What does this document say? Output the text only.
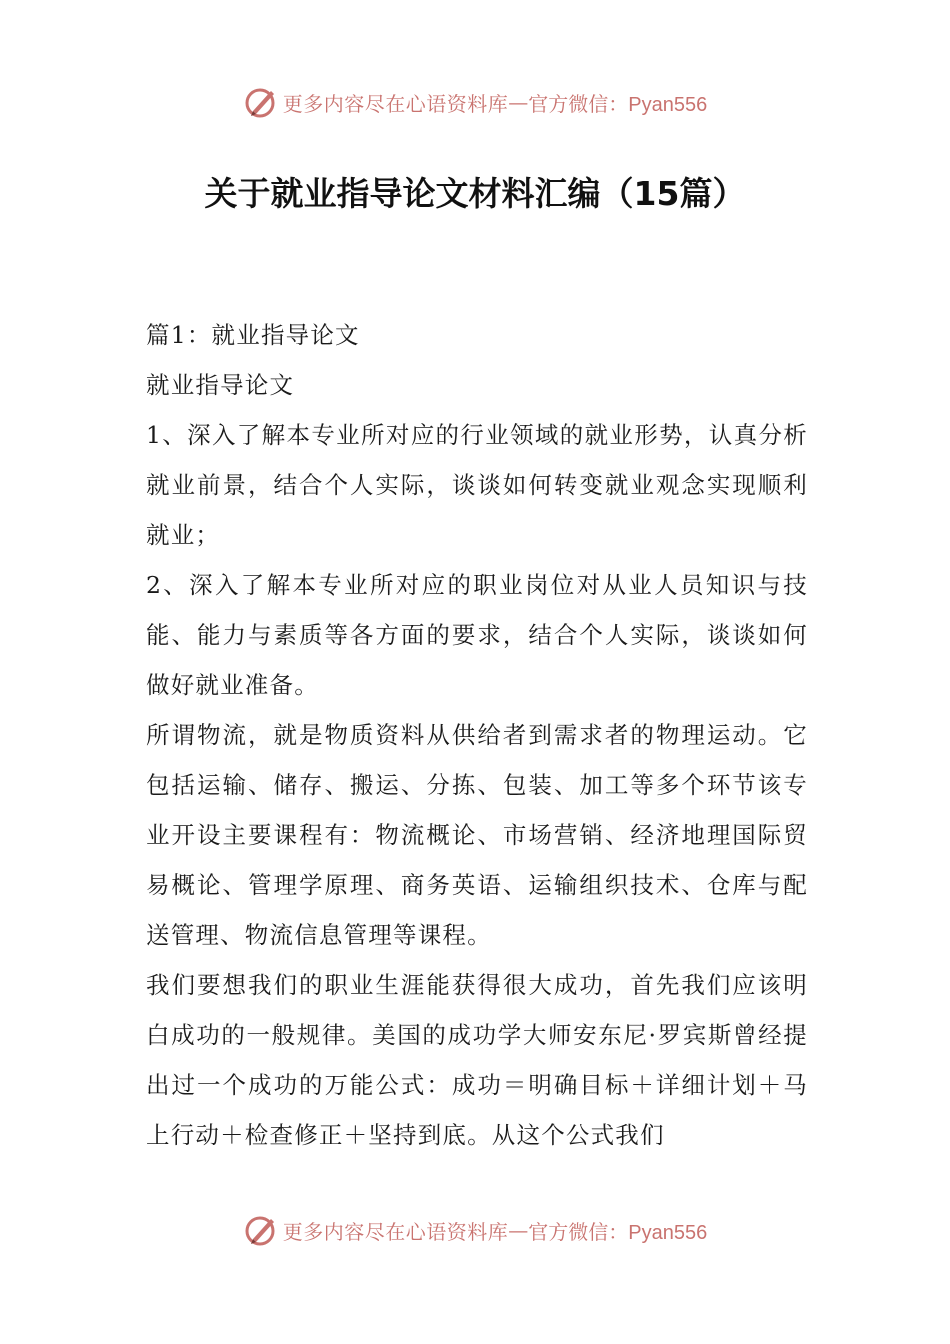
更多内容尽在心语资料库 — 官方微信：Pyan556
关于就业指导论文材料汇编（15篇）

篇1：就业指导论文

就业指导论文

1、深入了解本专业所对应的行业领域的就业形势，认真分析就业前景，结合个人实际，谈谈如何转变就业观念实现顺利就业；

2、深入了解本专业所对应的职业岗位对从业人员知识与技能、能力与素质等各方面的要求，结合个人实际，谈谈如何做好就业准备。

所谓物流，就是物质资料从供给者到需求者的物理运动。它包括运输、储存、搬运、分拣、包装、加工等多个环节该专业开设主要课程有：物流概论、市场营销、经济地理国际贸易概论、管理学原理、商务英语、运输组织技术、仓库与配送管理、物流信息管理等课程。

我们要想我们的职业生涯能获得很大成功，首先我们应该明白成功的一般规律。美国的成功学大师安东尼·罗宾斯曾经提出过一个成功的万能公式：成功＝明确目标＋详细计划＋马上行动＋检查修正＋坚持到底。从这个公式我们

更多内容尽在心语资料库 — 官方微信：Pyan556
